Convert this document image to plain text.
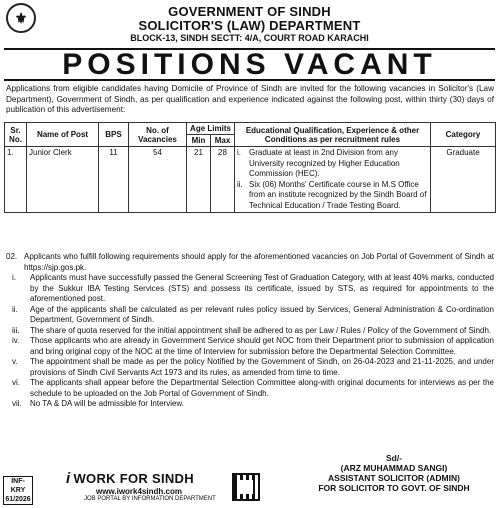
⚜	GOVERNMENT OF SINDH
SOLICITOR'S (LAW) DEPARTMENT
BLOCK-13, SINDH SECTT: 4/A, COURT ROAD KARACHI
POSITIONS VACANT
Applications from eligible candidates having Domicile of Province of Sindh are invited for the following vacancies in Solicitor's (Law Department), Government of Sindh, as per qualification and experience indicated against the following post, within thirty (30) days of publication of this advertisement:
Sr. No.	Name of Post	BPS	No. of Vacancies	Age Limits		Educational Qualification, Experience & other Conditions as per recruitment rules	Category
				Min	Max		
1.	Junior Clerk	11	54	21	28	i. Graduate at least in 2nd Division from any University recognized by Higher Education Commission (HEC).
ii. Six (06) Months' Certificate course in M.S Office from an institute recognized by the Sindh Board of Technical Education / Trade Testing Board.	Graduate
02. Applicants who fulfill following requirements should apply for the aforementioned vacancies on Job Portal of Government of Sindh at https://sjp.gos.pk.
i.	Applicants must have successfully passed the General Screening Test of Graduation Category, with at least 40% marks, conducted by the Sukkur IBA Testing Services (STS) and possess its certificate, issued by STS, as required for appointments to the aforementioned post.
ii.	Age of the applicants shall be calculated as per relevant rules policy issued by Services, General Administration & Co-ordination Department, Government of Sindh.
iii.	The share of quota reserved for the initial appointment shall be adhered to as per Law / Rules / Policy of the Government of Sindh.
iv.	Those applicants who are already in Government Service should get NOC from their Department prior to submission of application and bring original copy of the NOC at the time of Interview for submission before the Departmental Selection Committee.
v.	The appointment shall be made as per the policy Notified by the Government of Sindh, on 26-04-2023 and 21-11-2025, and under provisions of Sindh Civil Servants Act 1973 and its rules, as amended from time to time.
vi.	The applicants shall appear before the Departmental Selection Committee along-with original documents for interviews as per the schedule to be uploaded on the Job Portal of Government of Sindh.
vii.	No TA & DA will be admissible for Interview.
INF-KRY
61/2026
i WORK FOR SINDH
www.iwork4sindh.com
JOB PORTAL BY INFORMATION DEPARTMENT
Sd/-
(ARZ MUHAMMAD SANGI)
ASSISTANT SOLICITOR (ADMIN)
FOR SOLICITOR TO GOVT. OF SINDH
